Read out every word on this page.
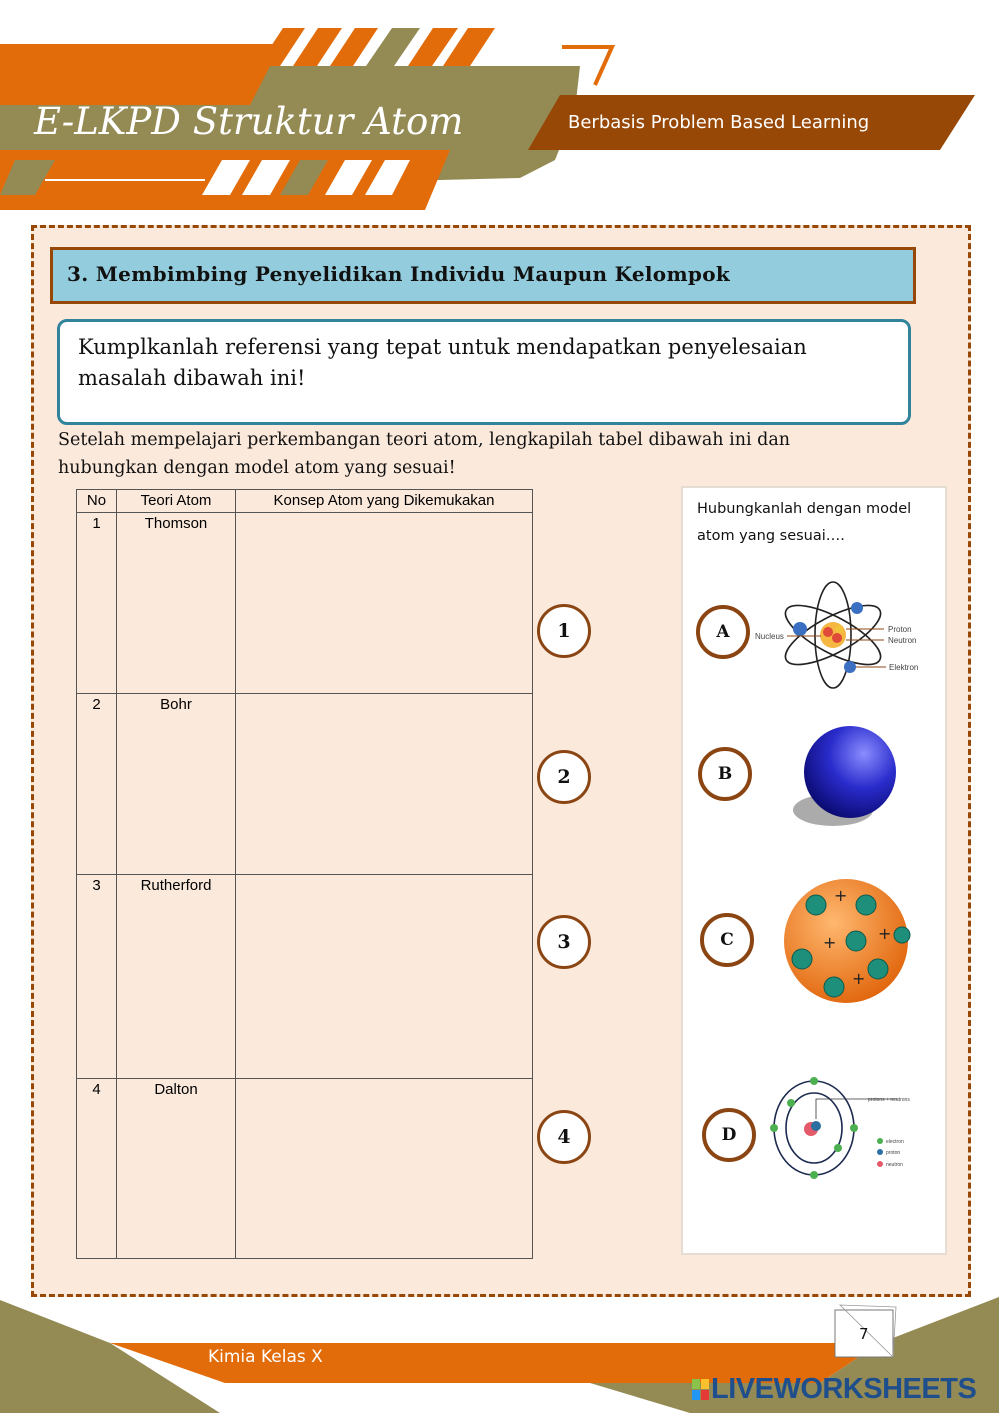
E-LKPD Struktur Atom	Berbasis Problem Based Learning
3. Membimbing Penyelidikan Individu Maupun Kelompok
Kumplkanlah referensi yang tepat untuk mendapatkan penyelesaian masalah dibawah ini!
Setelah mempelajari perkembangan teori atom, lengkapilah tabel dibawah ini dan hubungkan dengan model atom yang sesuai!
No	Teori Atom	Konsep Atom yang Dikemukakan
1	Thomson	
2	Bohr	
3	Rutherford	
4	Dalton	
1
2
3
4
Hubungkanlah dengan model atom yang sesuai….
A	Nucleus
Proton
Neutron
Elektron
B
C
+
+	+
+
D
protons + neutrons
electron
proton
neutron
Kimia Kelas X
7
LIVEWORKSHEETS
